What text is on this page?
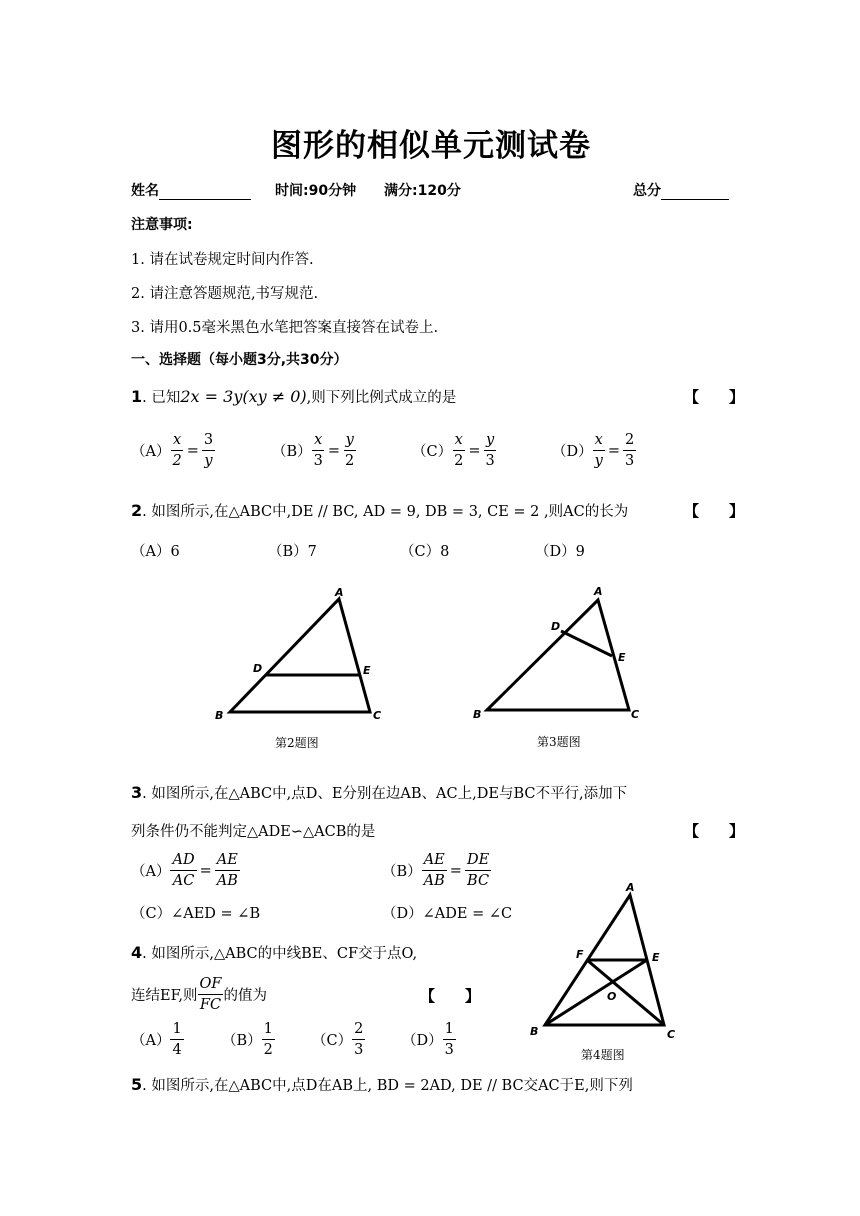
图形的相似单元测试卷
姓名	时间:90分钟 满分:120分	总分
注意事项:
1. 请在试卷规定时间内作答.
2. 请注意答题规范,书写规范.
3. 请用0.5毫米黑色水笔把答案直接答在试卷上.
一、选择题（每小题3分,共30分）
1. 已知2x = 3y(xy ≠ 0),则下列比例式成立的是	【　　】
$(A) \frac{x}{2} = \frac{3}{y}$	$(B) \frac{x}{3} = \frac{y}{2}$	$(C) \frac{x}{2} = \frac{y}{3}$	$(D) \frac{x}{y} = \frac{2}{3}$
2. 如图所示,在△ABC中,DE // BC, AD = 9, DB = 3, CE = 2 ,则AC的长为	【　　】
（A）6	（B）7	（C）8	（D）9
A
B	C
D	E
第2题图
A
B	C
D
E
第3题图
3. 如图所示,在△ABC中,点D、E分别在边AB、AC上,DE与BC不平行,添加下
列条件仍不能判定△ADE∽△ACB的是	【　　】
$(A) \frac{AD}{AC} = \frac{AE}{AB}$	$(B) \frac{AE}{AB} = \frac{DE}{BC}$
（C）∠AED = ∠B	（D）∠ADE = ∠C
4. 如图所示,△ABC的中线BE、CF交于点O,
连结EF,则 $\frac{OF}{FC}$ 的值为	【　　】
$(A) \frac{1}{4}$	$(B) \frac{1}{2}$	$(C) \frac{2}{3}$	$(D) \frac{1}{3}$
A
B	C
F	E
O
第4题图
5. 如图所示,在△ABC中,点D在AB上, BD = 2AD, DE // BC交AC于E,则下列
